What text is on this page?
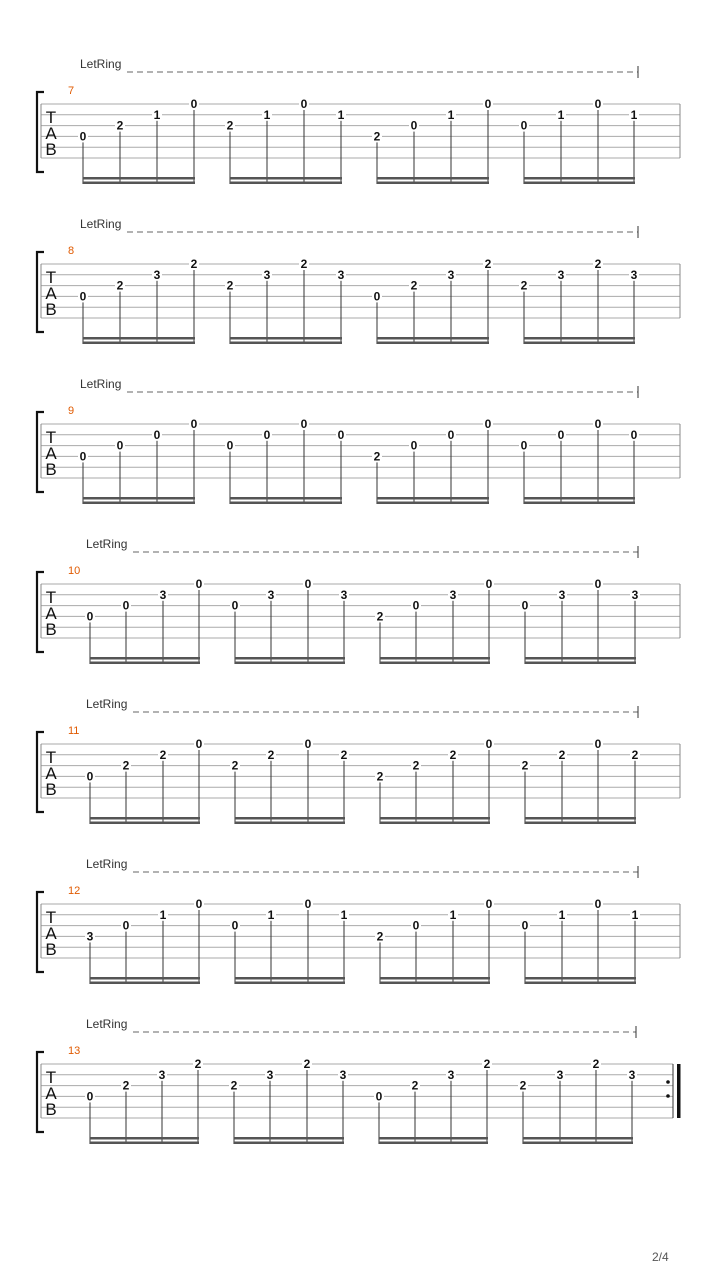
LetRing
7
T
A
B
0
2
1
0
2
1
0
1
2
0
1
0
0
1
0
1
LetRing
8
T
A
B
0
2
3
2
2
3
2
3
0
2
3
2
2
3
2
3
LetRing
9
T
A
B
0
0
0
0
0
0
0
0
2
0
0
0
0
0
0
0
LetRing
10
T
A
B
0
0
3
0
0
3
0
3
2
0
3
0
0
3
0
3
LetRing
11
T
A
B
0
2
2
0
2
2
0
2
2
2
2
0
2
2
0
2
LetRing
12
T
A
B
3
0
1
0
0
1
0
1
2
0
1
0
0
1
0
1
LetRing
13
T
A
B
0
2
3
2
2
3
2
3
0
2
3
2
2
3
2
3
2/4
